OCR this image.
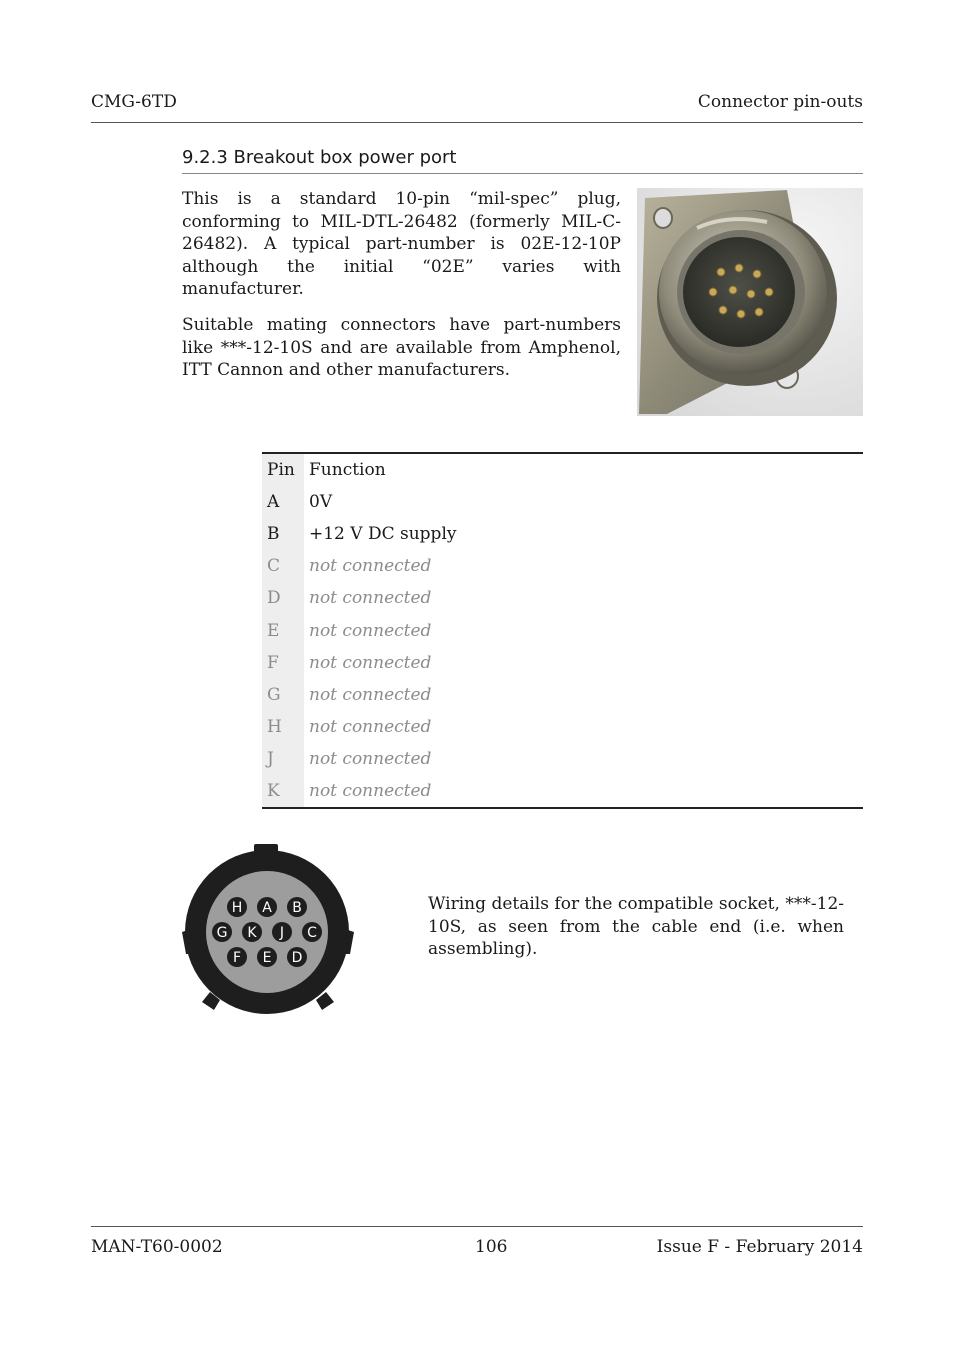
CMG-6TD	Connector pin-outs
9.2.3 Breakout box power port

This is a standard 10-pin “mil-spec” plug, conforming to MIL-DTL-26482 (formerly MIL-C-26482). A typical part-number is 02E-12-10P although the initial “02E” varies with manufacturer.

Suitable mating connectors have part-numbers like ***-12-10S and are available from Amphenol, ITT Cannon and other manufacturers.

Pin	Function
A	0V
B	+12 V DC supply
C	not connected
D	not connected
E	not connected
F	not connected
G	not connected
H	not connected
J	not connected
K	not connected
H A B
G K J C
F E D
Wiring details for the compatible socket, ***-12-10S, as seen from the cable end (i.e. when assembling).
MAN-T60-0002	106	Issue F - February 2014
